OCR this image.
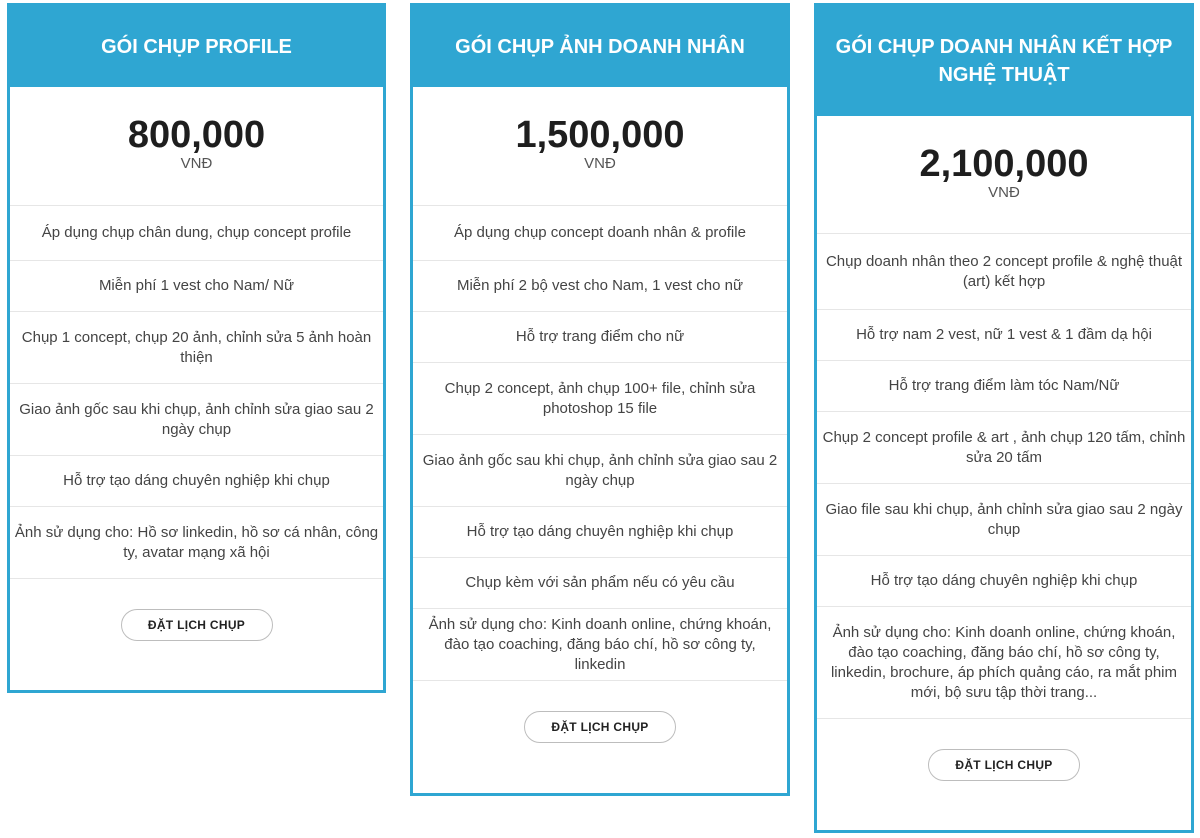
GÓI CHỤP PROFILE
800,000
VNĐ
Áp dụng chụp chân dung, chụp concept profile
Miễn phí 1 vest cho Nam/ Nữ
Chụp 1 concept, chụp 20 ảnh, chỉnh sửa 5 ảnh hoàn thiện
Giao ảnh gốc sau khi chụp, ảnh chỉnh sửa giao sau 2 ngày chụp
Hỗ trợ tạo dáng chuyên nghiệp khi chụp
Ảnh sử dụng cho: Hồ sơ linkedin, hồ sơ cá nhân, công ty, avatar mạng xã hội
ĐẶT LỊCH CHỤP
GÓI CHỤP ẢNH DOANH NHÂN
1,500,000
VNĐ
Áp dụng chụp concept doanh nhân & profile
Miễn phí 2 bộ vest cho Nam, 1 vest cho nữ
Hỗ trợ trang điểm cho nữ
Chụp 2 concept, ảnh chụp 100+ file, chỉnh sửa photoshop 15 file
Giao ảnh gốc sau khi chụp, ảnh chỉnh sửa giao sau 2 ngày chụp
Hỗ trợ tạo dáng chuyên nghiệp khi chụp
Chụp kèm với sản phẩm nếu có yêu cầu
Ảnh sử dụng cho: Kinh doanh online, chứng khoán, đào tạo coaching, đăng báo chí, hồ sơ công ty, linkedin
ĐẶT LỊCH CHỤP
GÓI CHỤP DOANH NHÂN KẾT HỢP NGHỆ THUẬT
2,100,000
VNĐ
Chụp doanh nhân theo 2 concept profile & nghệ thuật (art) kết hợp
Hỗ trợ nam 2 vest, nữ 1 vest & 1 đầm dạ hội
Hỗ trợ trang điểm làm tóc Nam/Nữ
Chụp 2 concept profile & art , ảnh chụp 120 tấm, chỉnh sửa 20 tấm
Giao file sau khi chụp, ảnh chỉnh sửa giao sau 2 ngày chụp
Hỗ trợ tạo dáng chuyên nghiệp khi chụp
Ảnh sử dụng cho: Kinh doanh online, chứng khoán, đào tạo coaching, đăng báo chí, hồ sơ công ty, linkedin, brochure, áp phích quảng cáo, ra mắt phim mới, bộ sưu tập thời trang...
ĐẶT LỊCH CHỤP
